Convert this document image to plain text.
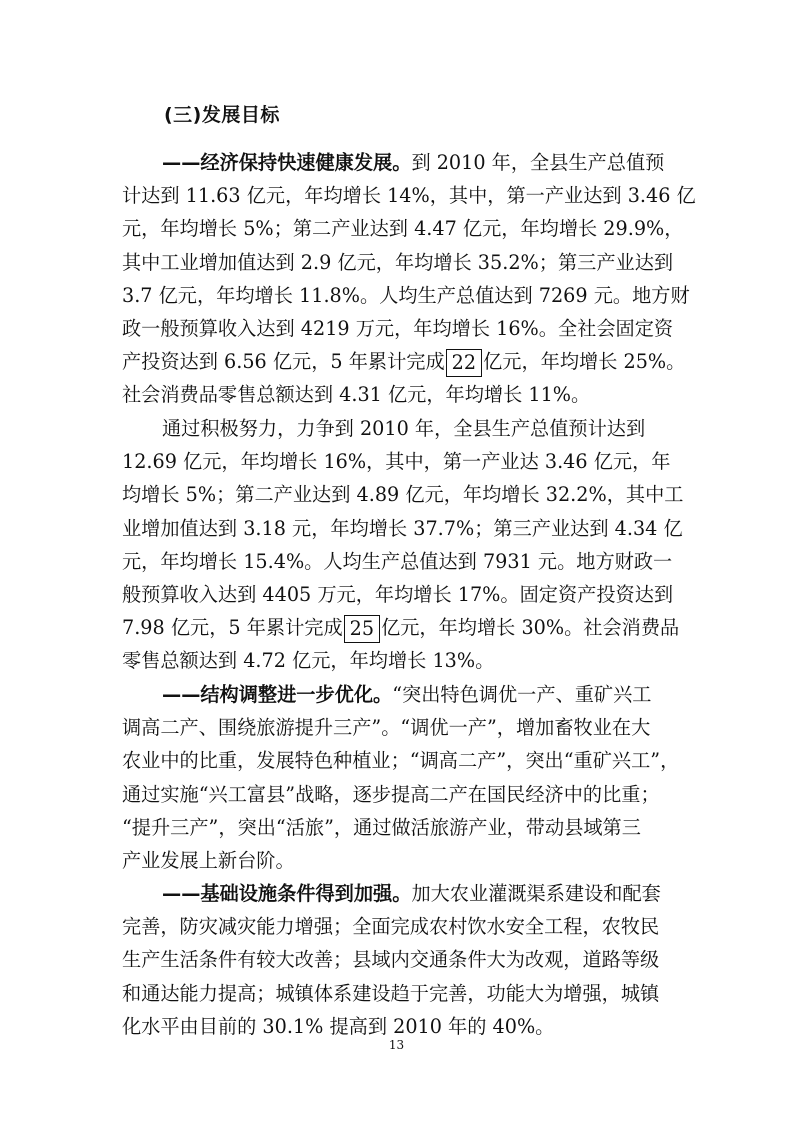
(三)发展目标
——经济保持快速健康发展。到 2010 年，全县生产总值预
计达到 11.63 亿元，年均增长 14%，其中，第一产业达到 3.46 亿
元，年均增长 5%；第二产业达到 4.47 亿元，年均增长 29.9%，
其中工业增加值达到 2.9 亿元，年均增长 35.2%；第三产业达到
3.7 亿元，年均增长 11.8%。人均生产总值达到 7269 元。地方财
政一般预算收入达到 4219 万元，年均增长 16%。全社会固定资
产投资达到 6.56 亿元，5 年累计完成 22 亿元，年均增长 25%。
社会消费品零售总额达到 4.31 亿元，年均增长 11%。
通过积极努力，力争到 2010 年，全县生产总值预计达到
12.69 亿元，年均增长 16%，其中，第一产业达 3.46 亿元，年
均增长 5%；第二产业达到 4.89 亿元，年均增长 32.2%，其中工
业增加值达到 3.18 元，年均增长 37.7%；第三产业达到 4.34 亿
元，年均增长 15.4%。人均生产总值达到 7931 元。地方财政一
般预算收入达到 4405 万元，年均增长 17%。固定资产投资达到
7.98 亿元，5 年累计完成 25 亿元，年均增长 30%。社会消费品
零售总额达到 4.72 亿元，年均增长 13%。
——结构调整进一步优化。“突出特色调优一产、重矿兴工
调高二产、围绕旅游提升三产”。“调优一产”，增加畜牧业在大
农业中的比重，发展特色种植业；“调高二产”，突出“重矿兴工”，
通过实施“兴工富县”战略，逐步提高二产在国民经济中的比重；
“提升三产”，突出“活旅”，通过做活旅游产业，带动县域第三
产业发展上新台阶。
——基础设施条件得到加强。加大农业灌溉渠系建设和配套
完善，防灾减灾能力增强；全面完成农村饮水安全工程，农牧民
生产生活条件有较大改善；县域内交通条件大为改观，道路等级
和通达能力提高；城镇体系建设趋于完善，功能大为增强，城镇
化水平由目前的 30.1% 提高到 2010 年的 40%。
13
